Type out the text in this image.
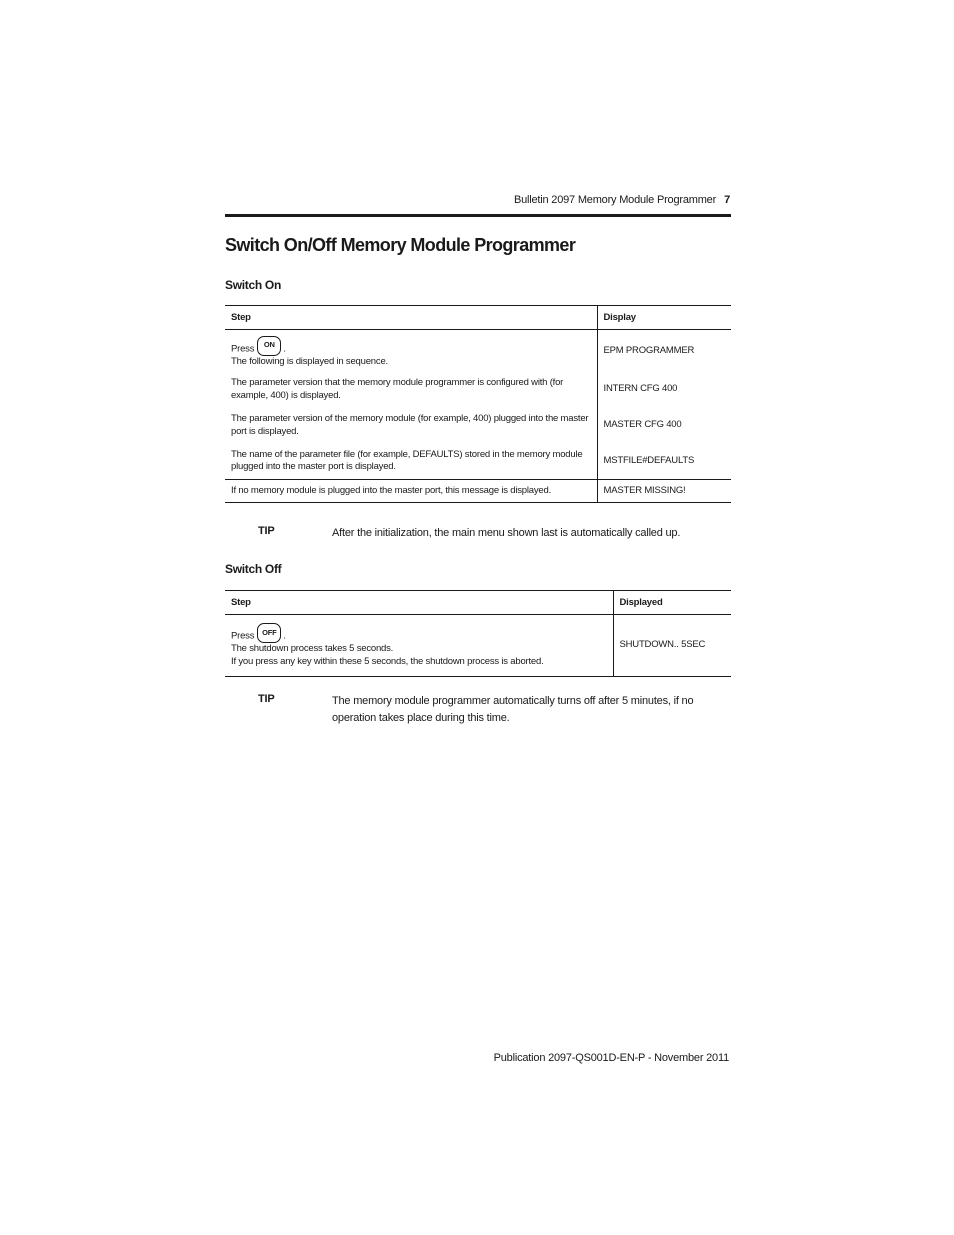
Bulletin 2097 Memory Module Programmer 7
Switch On/Off Memory Module Programmer
Switch On
Step	Display

Press ON .
The following is displayed in sequence.	EPM PROGRAMMER
The parameter version that the memory module programmer is configured with (for example, 400) is displayed.	INTERN CFG 400
The parameter version of the memory module (for example, 400) plugged into the master port is displayed.	MASTER CFG 400
The name of the parameter file (for example, DEFAULTS) stored in the memory module plugged into the master port is displayed.	MSTFILE#DEFAULTS
If no memory module is plugged into the master port, this message is displayed.	MASTER MISSING!
TIP	After the initialization, the main menu shown last is automatically called up.
Switch Off
Step	Displayed

Press OFF .
The shutdown process takes 5 seconds.
If you press any key within these 5 seconds, the shutdown process is aborted.	SHUTDOWN.. 5SEC
TIP	The memory module programmer automatically turns off after 5 minutes, if no operation takes place during this time.
Publication 2097-QS001D-EN-P - November 2011
